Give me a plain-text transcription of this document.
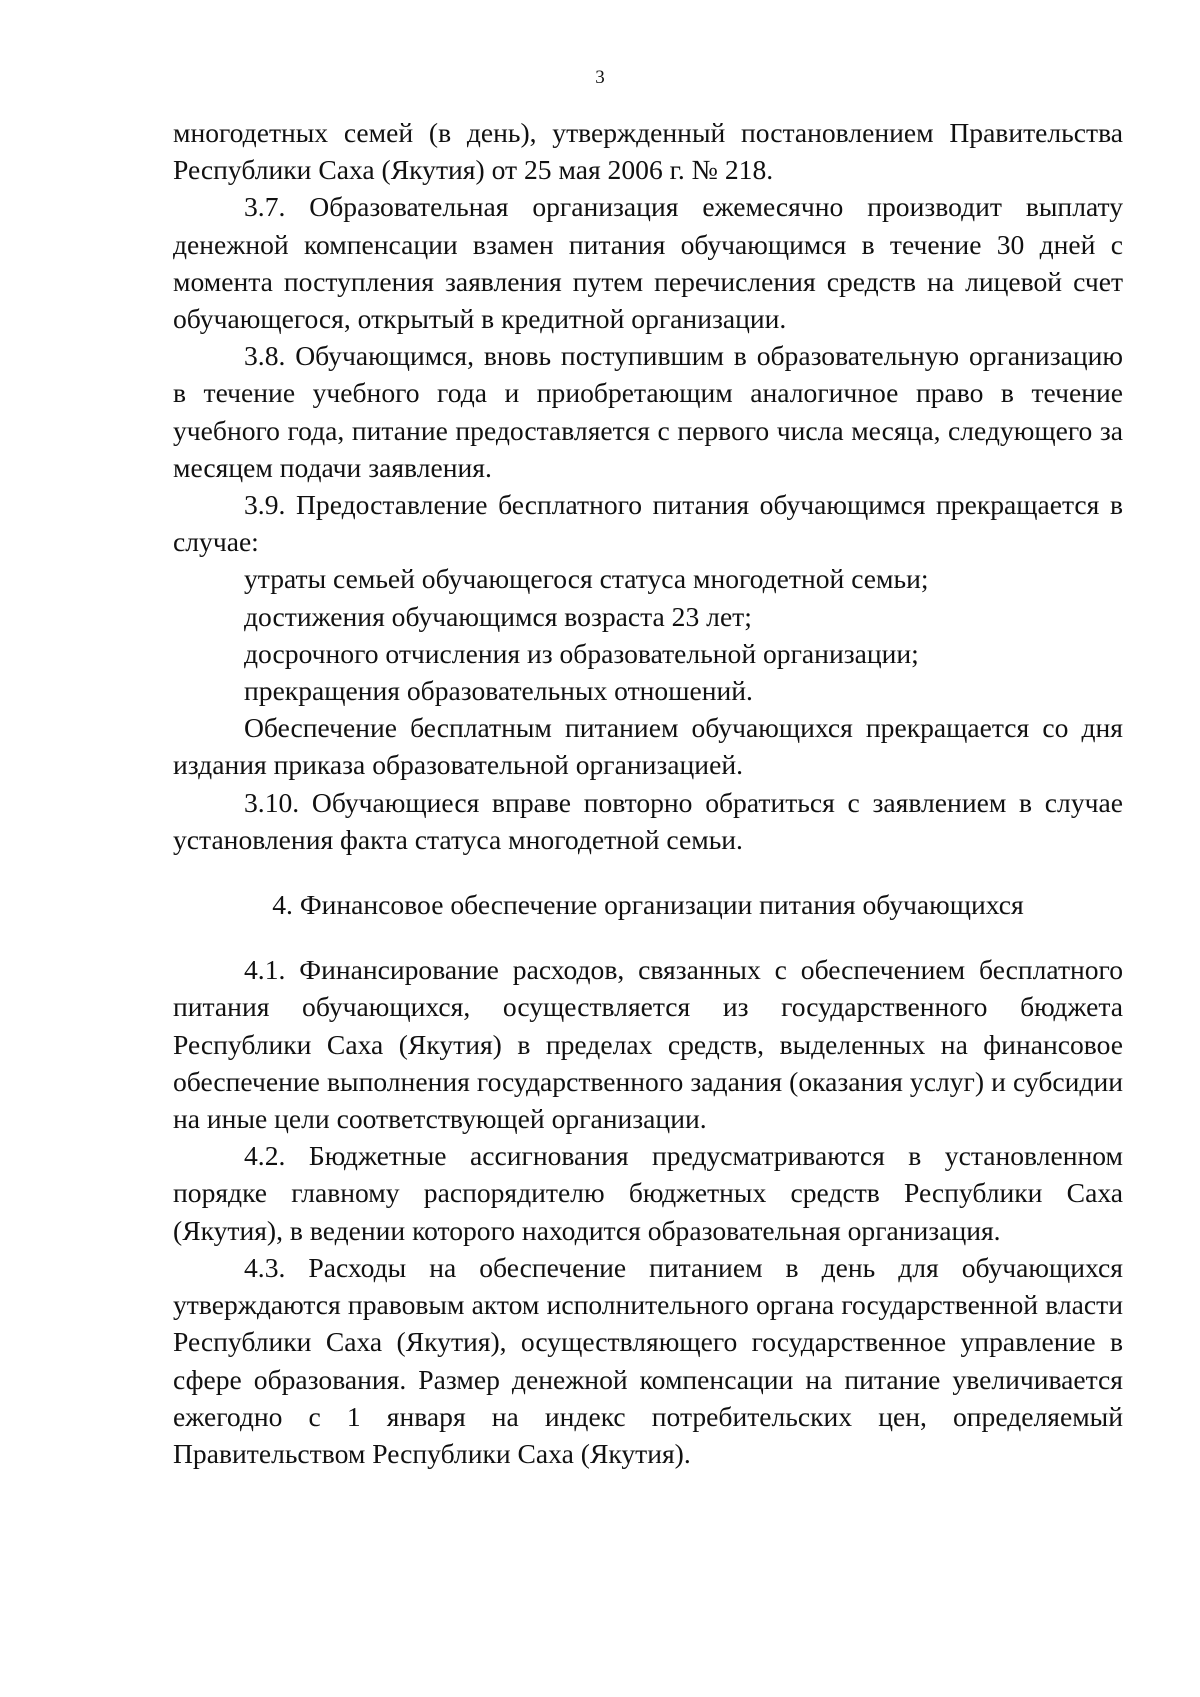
3

многодетных семей (в день), утвержденный постановлением Правительства Республики Саха (Якутия) от 25 мая 2006 г. № 218.

3.7. Образовательная организация ежемесячно производит выплату денежной компенсации взамен питания обучающимся в течение 30 дней с момента поступления заявления путем перечисления средств на лицевой счет обучающегося, открытый в кредитной организации.

3.8. Обучающимся, вновь поступившим в образовательную организацию в течение учебного года и приобретающим аналогичное право в течение учебного года, питание предоставляется с первого числа месяца, следующего за месяцем подачи заявления.

3.9. Предоставление бесплатного питания обучающимся прекращается в случае:

утраты семьей обучающегося статуса многодетной семьи;

достижения обучающимся возраста 23 лет;

досрочного отчисления из образовательной организации;

прекращения образовательных отношений.

Обеспечение бесплатным питанием обучающихся прекращается со дня издания приказа образовательной организацией.

3.10. Обучающиеся вправе повторно обратиться с заявлением в случае установления факта статуса многодетной семьи.

4. Финансовое обеспечение организации питания обучающихся

4.1. Финансирование расходов, связанных с обеспечением бесплатного питания обучающихся, осуществляется из государственного бюджета Республики Саха (Якутия) в пределах средств, выделенных на финансовое обеспечение выполнения государственного задания (оказания услуг) и субсидии на иные цели соответствующей организации.

4.2. Бюджетные ассигнования предусматриваются в установленном порядке главному распорядителю бюджетных средств Республики Саха (Якутия), в ведении которого находится образовательная организация.

4.3. Расходы на обеспечение питанием в день для обучающихся утверждаются правовым актом исполнительного органа государственной власти Республики Саха (Якутия), осуществляющего государственное управление в сфере образования. Размер денежной компенсации на питание увеличивается ежегодно с 1 января на индекс потребительских цен, определяемый Правительством Республики Саха (Якутия).
